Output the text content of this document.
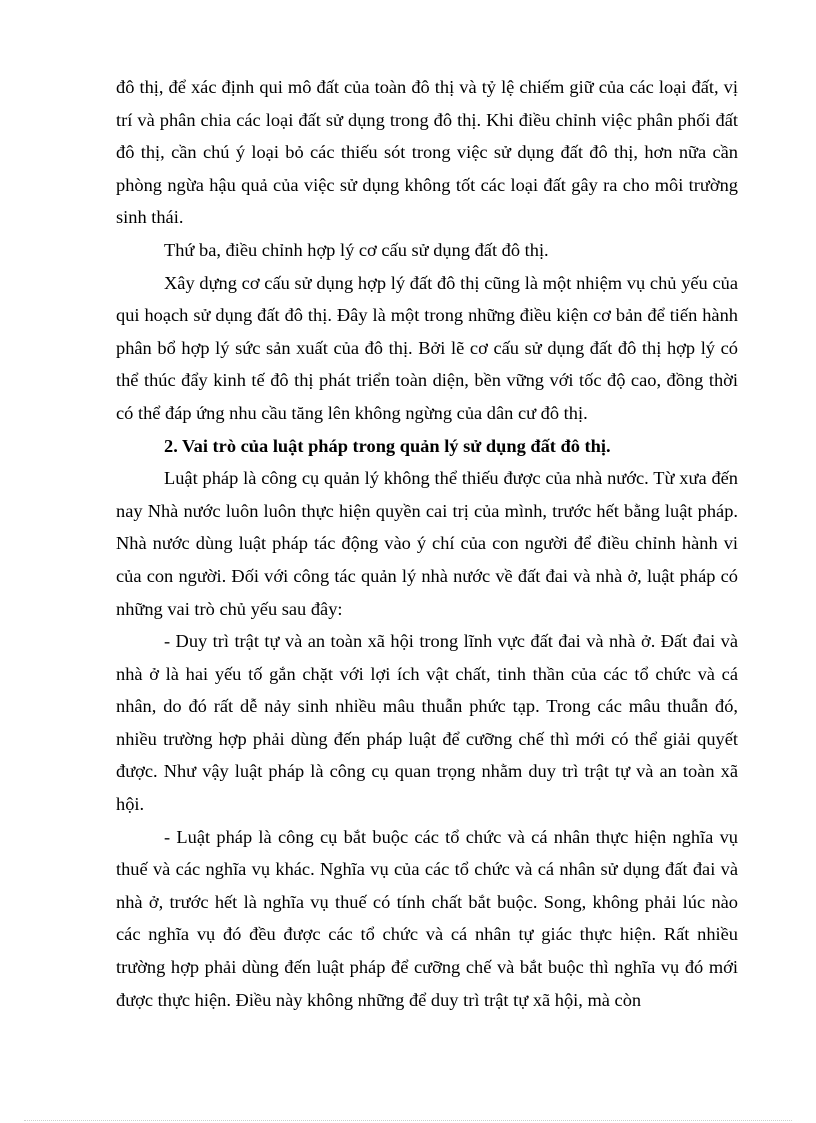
đô thị, để xác định qui mô đất của toàn đô thị và tỷ lệ chiếm giữ của các loại đất, vị trí và phân chia các loại đất sử dụng trong đô thị. Khi điều chỉnh việc phân phối đất đô thị, cần chú ý loại bỏ các thiếu sót trong việc sử dụng đất đô thị, hơn nữa cần phòng ngừa hậu quả của việc sử dụng không tốt các loại đất gây ra cho môi trường sinh thái.

Thứ ba, điều chỉnh hợp lý cơ cấu sử dụng đất đô thị.

Xây dựng cơ cấu sử dụng hợp lý đất đô thị cũng là một nhiệm vụ chủ yếu của qui hoạch sử dụng đất đô thị. Đây là một trong những điều kiện cơ bản để tiến hành phân bổ hợp lý sức sản xuất của đô thị. Bởi lẽ cơ cấu sử dụng đất đô thị hợp lý có thể thúc đẩy kinh tế đô thị phát triển toàn diện, bền vững với tốc độ cao, đồng thời có thể đáp ứng nhu cầu tăng lên không ngừng của dân cư đô thị.

2. Vai trò của luật pháp trong quản lý sử dụng đất đô thị.

Luật pháp là công cụ quản lý không thể thiếu được của nhà nước. Từ xưa đến nay Nhà nước luôn luôn thực hiện quyền cai trị của mình, trước hết bằng luật pháp. Nhà nước dùng luật pháp tác động vào ý chí của con người để điều chỉnh hành vi của con người. Đối với công tác quản lý nhà nước về đất đai và nhà ở, luật pháp có những vai trò chủ yếu sau đây:

- Duy trì trật tự và an toàn xã hội trong lĩnh vực đất đai và nhà ở. Đất đai và nhà ở là hai yếu tố gắn chặt với lợi ích vật chất, tinh thần của các tổ chức và cá nhân, do đó rất dễ nảy sinh nhiều mâu thuẫn phức tạp. Trong các mâu thuẫn đó, nhiều trường hợp phải dùng đến pháp luật để cưỡng chế thì mới có thể giải quyết được. Như vậy luật pháp là công cụ quan trọng nhằm duy trì trật tự và an toàn xã hội.

- Luật pháp là công cụ bắt buộc các tổ chức và cá nhân thực hiện nghĩa vụ thuế và các nghĩa vụ khác. Nghĩa vụ của các tổ chức và cá nhân sử dụng đất đai và nhà ở, trước hết là nghĩa vụ thuế có tính chất bắt buộc. Song, không phải lúc nào các nghĩa vụ đó đều được các tổ chức và cá nhân tự giác thực hiện. Rất nhiều trường hợp phải dùng đến luật pháp để cưỡng chế và bắt buộc thì nghĩa vụ đó mới được thực hiện. Điều này không những để duy trì trật tự xã hội, mà còn
